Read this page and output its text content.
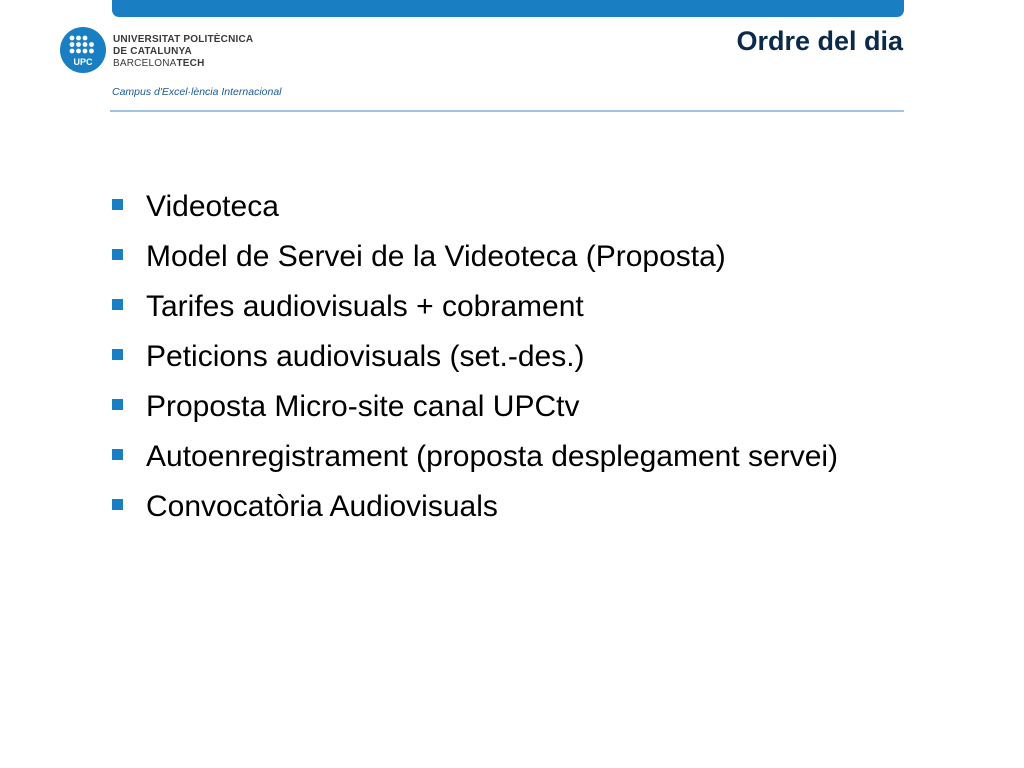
UPC
UNIVERSITAT POLITÈCNICA
DE CATALUNYA
BARCELONATECH
Campus d'Excel·lència Internacional
Ordre del dia
Videoteca
Model de Servei de la Videoteca (Proposta)
Tarifes audiovisuals + cobrament
Peticions audiovisuals (set.-des.)
Proposta Micro-site canal UPCtv
Autoenregistrament (proposta desplegament servei)
Convocatòria Audiovisuals
